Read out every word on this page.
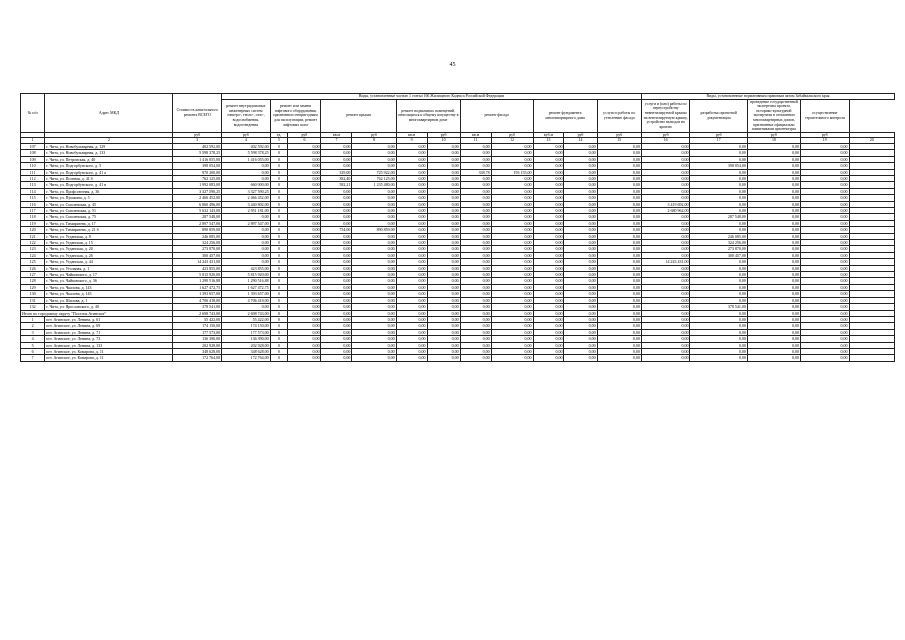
45
№ п/п	Адрес МКД	Стоимость капитального ремонта ВСЕГО	Виды, установленные частью 1 статьи 166 Жилищного Кодекса Российской Федерации												Виды, установленные нормативным правовым актом Забайкальского края				
			ремонт внутридомовых инженерных систем электро-, тепло-, газо-, водоснабжения, водоотведения	ремонт или замена лифтового оборудования, признанного непригодным для эксплуатации, ремонт лифтовых шахт		ремонт крыши		ремонт подвальных помещений, относящихся к общему имуществу в многоквартирном доме		ремонт фасада		ремонт фундамента многоквартирного дома		услуги и работы по утеплению фасада	услуги и (или) работы по переустройству невентилируемой крыши на вентилируемую крышу, устройство выходов на кровлю	разработка проектной документации	проведение государственной экспертизы проекта, историко-культурной экспертизы в отношении многоквартирных домов, признанных официально памятниками архитектуры	осуществление строительного контроля	
		руб	руб	ед.	руб	кв.м	руб	кв.м	руб	кв.м	руб	куб.м	руб	руб	руб	руб	руб	руб	
1	2	3	4	5	6	7	8	9	10	11	12	13	14	15	16	17	18	19	20
107	г. Чита, ул. Новобульварная, д. 129	402 592,00	402 592,00	0	0,00	0,00	0,00	0,00	0,00	0,00	0,00	0,00	0,00	0,00	0,00	0,00	0,00	0,00	
108	г. Чита, ул. Новобульварная, д. 133	5 598 378,25	5 598 378,25	0	0,00	0,00	0,00	0,00	0,00	0,00	0,00	0,00	0,00	0,00	0,00	0,00	0,00	0,00	
109	г. Чита, ул. Петровская, д. 40	1 416 055,00	1 416 055,00	0	0,00	0,00	0,00	0,00	0,00	0,00	0,00	0,00	0,00	0,00	0,00	0,00	0,00	0,00	
110	г. Чита, ул. Подгорбунского, д. 5	398 054,00	0,00	0	0,00	0,00	0,00	0,00	0,00	0,00	0,00	0,00	0,00	0,00	0,00	398 054,00	0,00	0,00	
111	г. Чита, ул. Подгорбунского, д. 41 а	970 200,00	0,00	0	0,00	329,00	725 922,00	0,00	0,00	338,78	193 155,00	0,00	0,00	0,00	0,00	0,00	0,00	0,00	
112	г. Чита, ул. Полевая, д. 41 б	762 125,00	0,00	0	0,00	382,40	762 125,00	0,00	0,00	0,00	0,00	0,00	0,00	0,00	0,00	0,00	0,00	0,00	
113	г. Чита, ул. Подгорбунского, д. 41 в	1 992 083,00	660 000,00	0	0,00	582,21	1 235 480,00	0,00	0,00	0,00	0,00	0,00	0,00	0,00	0,00	0,00	0,00	0,00	
114	г. Чита, ул. Профсоюзная, д. 36	3 327 590,25	3 327 590,25	0	0,00	0,00	0,00	0,00	0,00	0,00	0,00	0,00	0,00	0,00	0,00	0,00	0,00	0,00	
115	г. Чита, ул. Пушкина, д. 5	2 466 452,00	2 466 452,00	0	0,00	0,00	0,00	0,00	0,00	0,00	0,00	0,00	0,00	0,00	0,00	0,00	0,00	0,00	
116	г. Чита, ул. Смоленская, д. 45	6 860 496,00	3 440 802,00	0	0,00	0,00	0,00	0,00	0,00	0,00	0,00	0,00	0,00	0,00	3 419 692,00	0,00	0,00	0,00	
117	г. Чита, ул. Смоленская, д. 51	5 632 143,00	2 951 181,00	0	0,00	0,00	0,00	0,00	0,00	0,00	0,00	0,00	0,00	0,00	2 680 962,00	0,00	0,00	0,00	
118	г. Чита, ул. Смоленская, д. 75	287 548,00	0,00	0	0,00	0,00	0,00	0,00	0,00	0,00	0,00	0,00	0,00	0,00	0,00	287 548,00	0,00	0,00	
119	г. Чита, ул. Тимирязева, д. 17	2 897 547,00	2 897 547,00	0	0,00	0,00	0,00	0,00	0,00	0,00	0,00	0,00	0,00	0,00	0,00	0,00	0,00	0,00	
120	г. Чита, ул. Тимирязева, д. 21 б	890 859,00	0,00	0	0,00	754,00	890 859,00	0,00	0,00	0,00	0,00	0,00	0,00	0,00	0,00	0,00	0,00	0,00	
121	г. Чита, ул. Угданская, д. 8	246 085,00	0,00	0	0,00	0,00	0,00	0,00	0,00	0,00	0,00	0,00	0,00	0,00	0,00	246 085,00	0,00	0,00	
122	г. Чита, ул. Угданская, д. 15	324 256,00	0,00	0	0,00	0,00	0,00	0,00	0,00	0,00	0,00	0,00	0,00	0,00	0,00	324 256,00	0,00	0,00	
123	г. Чита, ул. Угданская, д. 20	273 870,00	0,00	0	0,00	0,00	0,00	0,00	0,00	0,00	0,00	0,00	0,00	0,00	0,00	273 870,00	0,00	0,00	
124	г. Чита, ул. Угданская, д. 26	300 457,00	0,00	0	0,00	0,00	0,00	0,00	0,00	0,00	0,00	0,00	0,00	0,00	0,00	300 457,00	0,00	0,00	
125	г. Чита, ул. Угданская, д. 44	14 243 431,00	0,00	0	0,00	0,00	0,00	0,00	0,00	0,00	0,00	0,00	0,00	0,00	14 243 431,00	0,00	0,00	0,00	
126	г. Чита, ул. Угольная, д. 1	423 855,00	423 855,00	0	0,00	0,00	0,00	0,00	0,00	0,00	0,00	0,00	0,00	0,00	0,00	0,00	0,00	0,00	
127	г. Чита, ул. Чайковского, д. 17	5 815 920,00	5 815 920,00	0	0,00	0,00	0,00	0,00	0,00	0,00	0,00	0,00	0,00	0,00	0,00	0,00	0,00	0,00	
128	г. Чита, ул. Чайковского, д. 36	1 290 516,88	1 290 516,88	0	0,00	0,00	0,00	0,00	0,00	0,00	0,00	0,00	0,00	0,00	0,00	0,00	0,00	0,00	
129	г. Чита, ул. Чкалова, д. 143	1 627 472,75	1 627 472,75	0	0,00	0,00	0,00	0,00	0,00	0,00	0,00	0,00	0,00	0,00	0,00	0,00	0,00	0,00	
130	г. Чита, ул. Чкалова, д. 145	1 393 657,00	1 393 657,00	0	0,00	0,00	0,00	0,00	0,00	0,00	0,00	0,00	0,00	0,00	0,00	0,00	0,00	0,00	
131	г. Чита, ул. Шилова, д. 1	4 706 418,00	4 706 418,00	0	0,00	0,00	0,00	0,00	0,00	0,00	0,00	0,00	0,00	0,00	0,00	0,00	0,00	0,00	
132	г. Чита, ул. Ярославского, д. 40	378 541,00	0,00	0	0,00	0,00	0,00	0,00	0,00	0,00	0,00	0,00	0,00	0,00	0,00	378 541,00	0,00	0,00	
Итого по городскому округу "Поселок Агинское"		2 698 743,00	2 698 743,00	0	0,00	0,00	0,00	0,00	0,00	0,00	0,00	0,00	0,00	0,00	0,00	0,00	0,00	0,00	
1	пгт. Агинское, ул. Ленина, д. 61	55 422,00	55 422,00	0	0,00	0,00	0,00	0,00	0,00	0,00	0,00	0,00	0,00	0,00	0,00	0,00	0,00	0,00	
2	пгт. Агинское, ул. Ленина, д. 69	174 150,00	174 150,00	0	0,00	0,00	0,00	0,00	0,00	0,00	0,00	0,00	0,00	0,00	0,00	0,00	0,00	0,00	
3	пгт. Агинское, ул. Ленина, д. 71	177 573,00	177 573,00	0	0,00	0,00	0,00	0,00	0,00	0,00	0,00	0,00	0,00	0,00	0,00	0,00	0,00	0,00	
4	пгт. Агинское, ул. Ленина, д. 73	136 390,00	136 390,00	0	0,00	0,00	0,00	0,00	0,00	0,00	0,00	0,00	0,00	0,00	0,00	0,00	0,00	0,00	
5	пгт. Агинское, ул. Ленина, д. 133	202 928,00	202 928,00	0	0,00	0,00	0,00	0,00	0,00	0,00	0,00	0,00	0,00	0,00	0,00	0,00	0,00	0,00	
6	пгт. Агинское, ул. Комарова, д. 11	348 628,00	348 628,00	0	0,00	0,00	0,00	0,00	0,00	0,00	0,00	0,00	0,00	0,00	0,00	0,00	0,00	0,00	
7	пгт. Агинское, ул. Комарова, д. 11	172 764,00	172 764,00	0	0,00	0,00	0,00	0,00	0,00	0,00	0,00	0,00	0,00	0,00	0,00	0,00	0,00	0,00	
